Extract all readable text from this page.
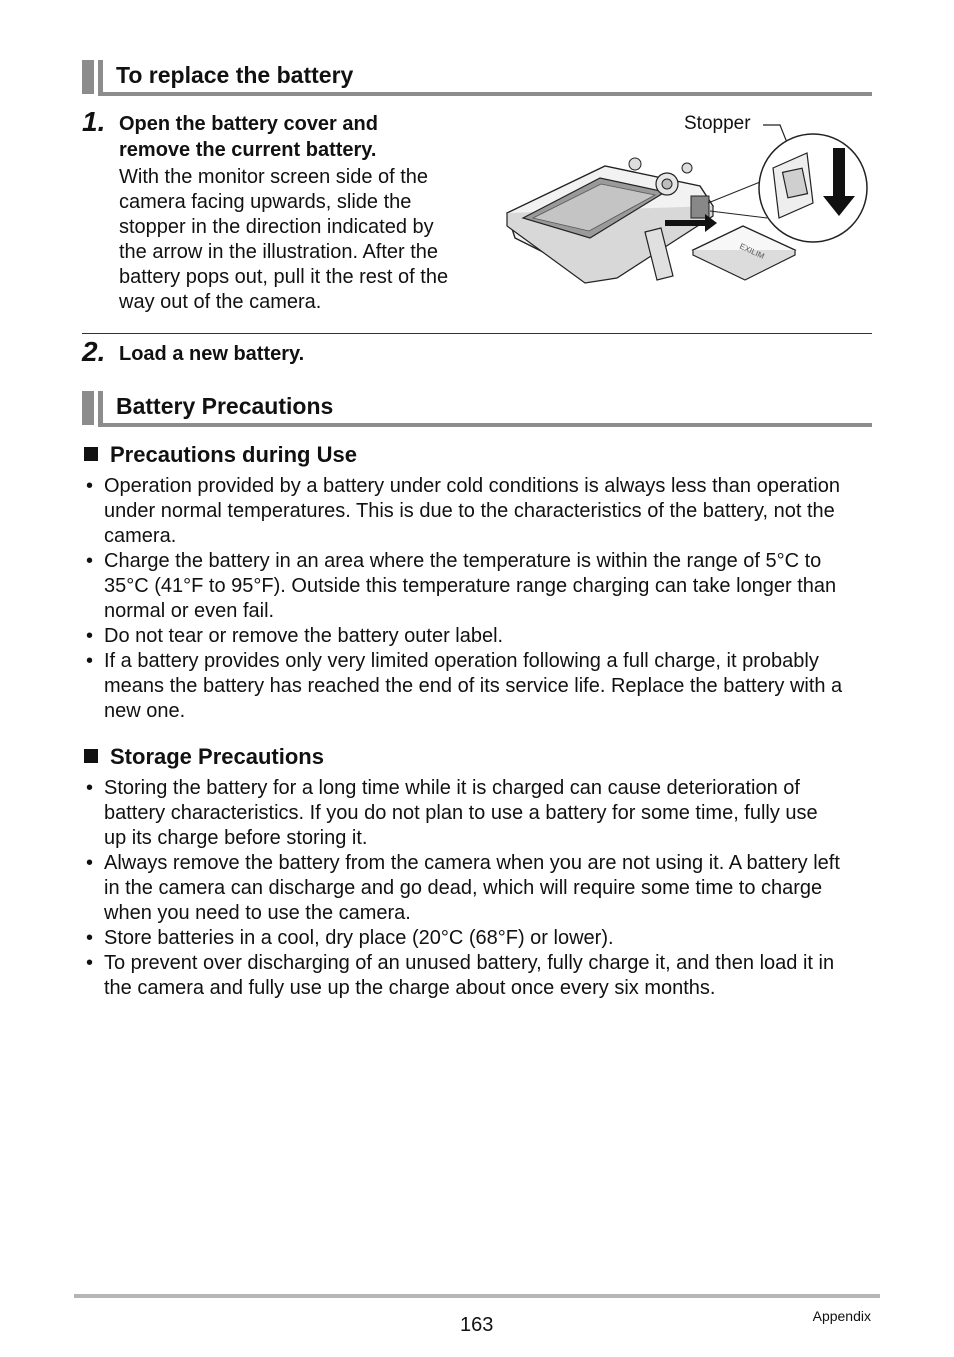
To replace the battery
1. Open the battery cover and
remove the current battery.
With the monitor screen side of the
camera facing upwards, slide the
stopper in the direction indicated by
the arrow in the illustration. After the
battery pops out, pull it the rest of the
way out of the camera.
Stopper
EXILIM
2. Load a new battery.
Battery Precautions
Precautions during Use
• Operation provided by a battery under cold conditions is always less than operation
under normal temperatures. This is due to the characteristics of the battery, not the
camera.
• Charge the battery in an area where the temperature is within the range of 5°C to
35°C (41°F to 95°F). Outside this temperature range charging can take longer than
normal or even fail.
• Do not tear or remove the battery outer label.
• If a battery provides only very limited operation following a full charge, it probably
means the battery has reached the end of its service life. Replace the battery with a
new one.
Storage Precautions
• Storing the battery for a long time while it is charged can cause deterioration of
battery characteristics. If you do not plan to use a battery for some time, fully use
up its charge before storing it.
• Always remove the battery from the camera when you are not using it. A battery left
in the camera can discharge and go dead, which will require some time to charge
when you need to use the camera.
• Store batteries in a cool, dry place (20°C (68°F) or lower).
• To prevent over discharging of an unused battery, fully charge it, and then load it in
the camera and fully use up the charge about once every six months.
163	Appendix
